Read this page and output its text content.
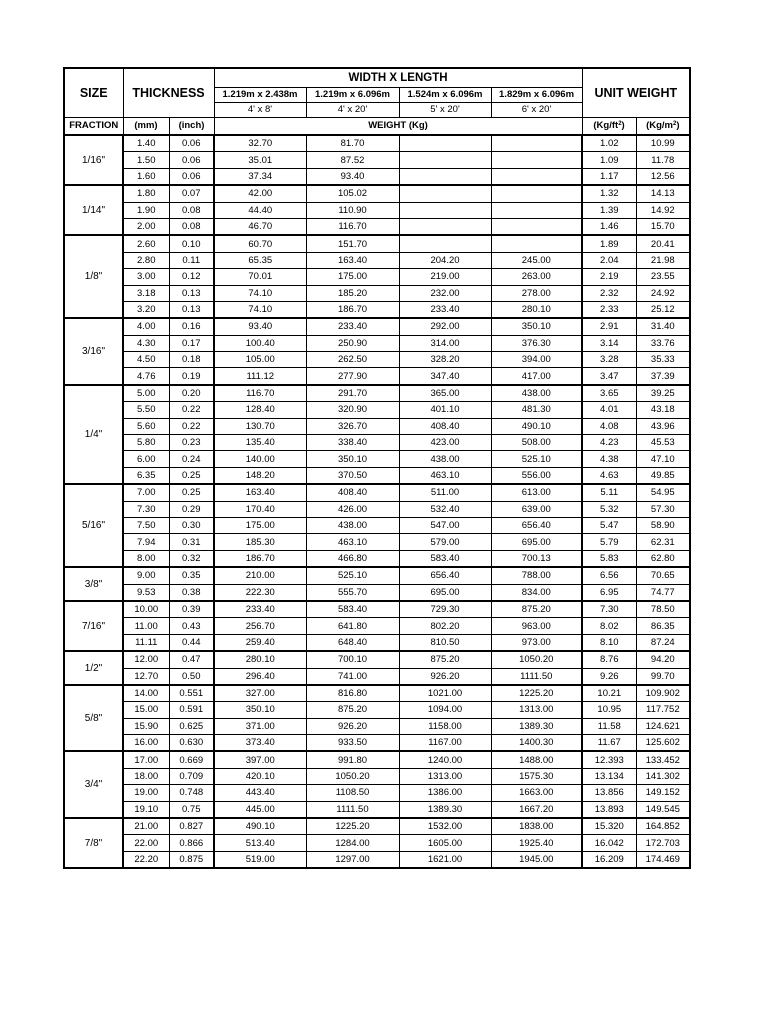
SIZE	THICKNESS		WIDTH X LENGTH				UNIT WEIGHT	
			1.219m x 2.438m	1.219m x 6.096m	1.524m x 6.096m	1.829m x 6.096m		
			4' x 8'	4' x 20'	5' x 20'	6' x 20'		
FRACTION	(mm)	(inch)	WEIGHT (Kg)				$(Kg/ft^2)$	$(Kg/m^2)$
1/16"	1.40	0.06	32.70	81.70			1.02	10.99
	1.50	0.06	35.01	87.52			1.09	11.78
	1.60	0.06	37.34	93.40			1.17	12.56
1/14"	1.80	0.07	42.00	105.02			1.32	14.13
	1.90	0.08	44.40	110.90			1.39	14.92
	2.00	0.08	46.70	116.70			1.46	15.70
1/8"	2.60	0.10	60.70	151.70			1.89	20.41
	2.80	0.11	65.35	163.40	204.20	245.00	2.04	21.98
	3.00	0.12	70.01	175.00	219.00	263.00	2.19	23.55
	3.18	0.13	74.10	185.20	232.00	278.00	2.32	24.92
	3.20	0.13	74.10	186.70	233.40	280.10	2.33	25.12
3/16"	4.00	0.16	93.40	233.40	292.00	350.10	2.91	31.40
	4.30	0.17	100.40	250.90	314.00	376.30	3.14	33.76
	4.50	0.18	105.00	262.50	328.20	394.00	3.28	35.33
	4.76	0.19	111.12	277.90	347.40	417.00	3.47	37.39
1/4"	5.00	0.20	116.70	291.70	365.00	438.00	3.65	39.25
	5.50	0.22	128.40	320.90	401.10	481.30	4.01	43.18
	5.60	0.22	130.70	326.70	408.40	490.10	4.08	43.96
	5.80	0.23	135.40	338.40	423.00	508.00	4.23	45.53
	6.00	0.24	140.00	350.10	438.00	525.10	4.38	47.10
	6.35	0.25	148.20	370.50	463.10	556.00	4.63	49.85
5/16"	7.00	0.25	163.40	408.40	511.00	613.00	5.11	54.95
	7.30	0.29	170.40	426.00	532.40	639.00	5.32	57.30
	7.50	0.30	175.00	438.00	547.00	656.40	5.47	58.90
	7.94	0.31	185.30	463.10	579.00	695.00	5.79	62.31
	8.00	0.32	186.70	466.80	583.40	700.13	5.83	62.80
3/8"	9.00	0.35	210.00	525.10	656.40	788.00	6.56	70.65
	9.53	0.38	222.30	555.70	695.00	834.00	6.95	74.77
7/16"	10.00	0.39	233.40	583.40	729.30	875.20	7.30	78.50
	11.00	0.43	256.70	641.80	802.20	963.00	8.02	86.35
	11.11	0.44	259.40	648.40	810.50	973.00	8.10	87.24
1/2"	12.00	0.47	280.10	700.10	875.20	1050.20	8.76	94.20
	12.70	0.50	296.40	741.00	926.20	1111.50	9.26	99.70
5/8"	14.00	0.551	327.00	816.80	1021.00	1225.20	10.21	109.902
	15.00	0.591	350.10	875.20	1094.00	1313.00	10.95	117.752
	15.90	0.625	371.00	926.20	1158.00	1389.30	11.58	124.621
	16.00	0.630	373.40	933.50	1167.00	1400.30	11.67	125.602
3/4"	17.00	0.669	397.00	991.80	1240.00	1488.00	12.393	133.452
	18.00	0.709	420.10	1050.20	1313.00	1575.30	13.134	141.302
	19.00	0.748	443.40	1108.50	1386.00	1663.00	13.856	149.152
	19.10	0.75	445.00	1111.50	1389.30	1667.20	13.893	149.545
7/8"	21.00	0.827	490.10	1225.20	1532.00	1838.00	15.320	164.852
	22.00	0.866	513.40	1284.00	1605.00	1925.40	16.042	172.703
	22.20	0.875	519.00	1297.00	1621.00	1945.00	16.209	174.469
